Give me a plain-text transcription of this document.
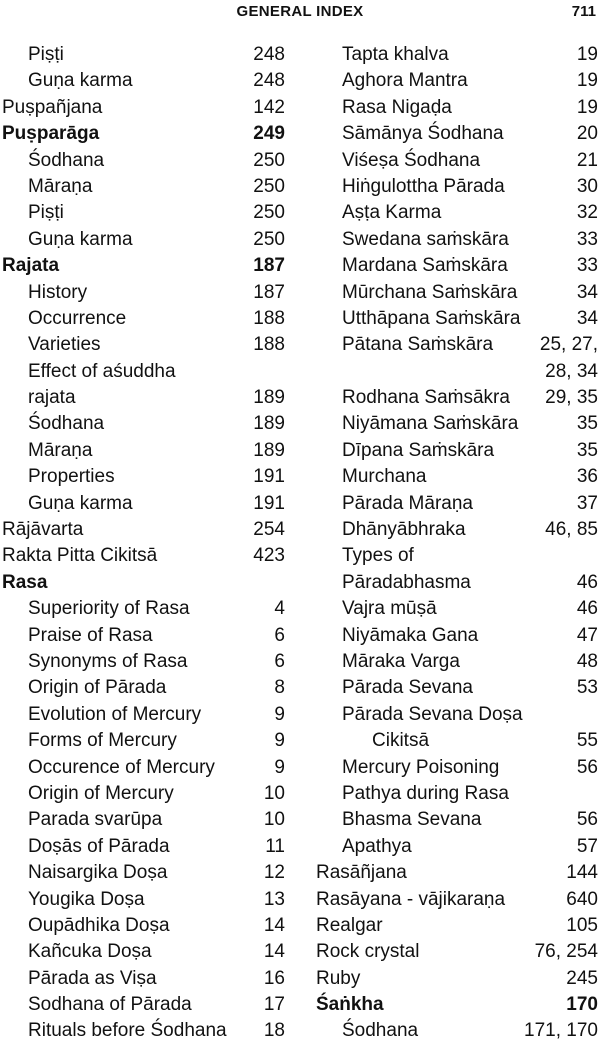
GENERAL INDEX	711
Piṣṭi	248
Guṇa karma	248
Puṣpañjana	142
Puṣparāga	249
Śodhana	250
Māraṇa	250
Piṣṭi	250
Guṇa karma	250
Rajata	187
History	187
Occurrence	188
Varieties	188
Effect of aśuddha
rajata	189
Śodhana	189
Māraṇa	189
Properties	191
Guṇa karma	191
Rājāvarta	254
Rakta Pitta Cikitsā	423
Rasa
Superiority of Rasa	4
Praise of Rasa	6
Synonyms of Rasa	6
Origin of Pārada	8
Evolution of Mercury	9
Forms of Mercury	9
Occurence of Mercury	9
Origin of Mercury	10
Parada svarūpa	10
Doṣās of Pārada	11
Naisargika Doṣa	12
Yougika Doṣa	13
Oupādhika Doṣa	14
Kañcuka Doṣa	14
Pārada as Viṣa	16
Sodhana of Pārada	17
Rituals before Śodhana 18
Tapta khalva	19
Aghora Mantra	19
Rasa Nigaḍa	19
Sāmānya Śodhana	20
Viśeṣa Śodhana	21
Hiṅgulottha Pārada	30
Aṣṭa Karma	32
Swedana saṁskāra	33
Mardana Saṁskāra	33
Mūrchana Saṁskāra	34
Utthāpana Saṁskāra	34
Pātana Saṁskāra 25, 27,
28, 34
Rodhana Saṁsākra 29, 35
Niyāmana Saṁskāra	35
Dīpana Saṁskāra	35
Murchana	36
Pārada Māraṇa	37
Dhānyābhraka	46, 85
Types of
Pāradabhasma	46
Vajra mūṣā	46
Niyāmaka Gana	47
Māraka Varga	48
Pārada Sevana	53
Pārada Sevana Doṣa
Cikitsā	55
Mercury Poisoning	56
Pathya during Rasa
Bhasma Sevana	56
Apathya	57
Rasāñjana	144
Rasāyana - vājikaraṇa	640
Realgar	105
Rock crystal	76, 254
Ruby	245
Śaṅkha	170
Śodhana	171, 170
